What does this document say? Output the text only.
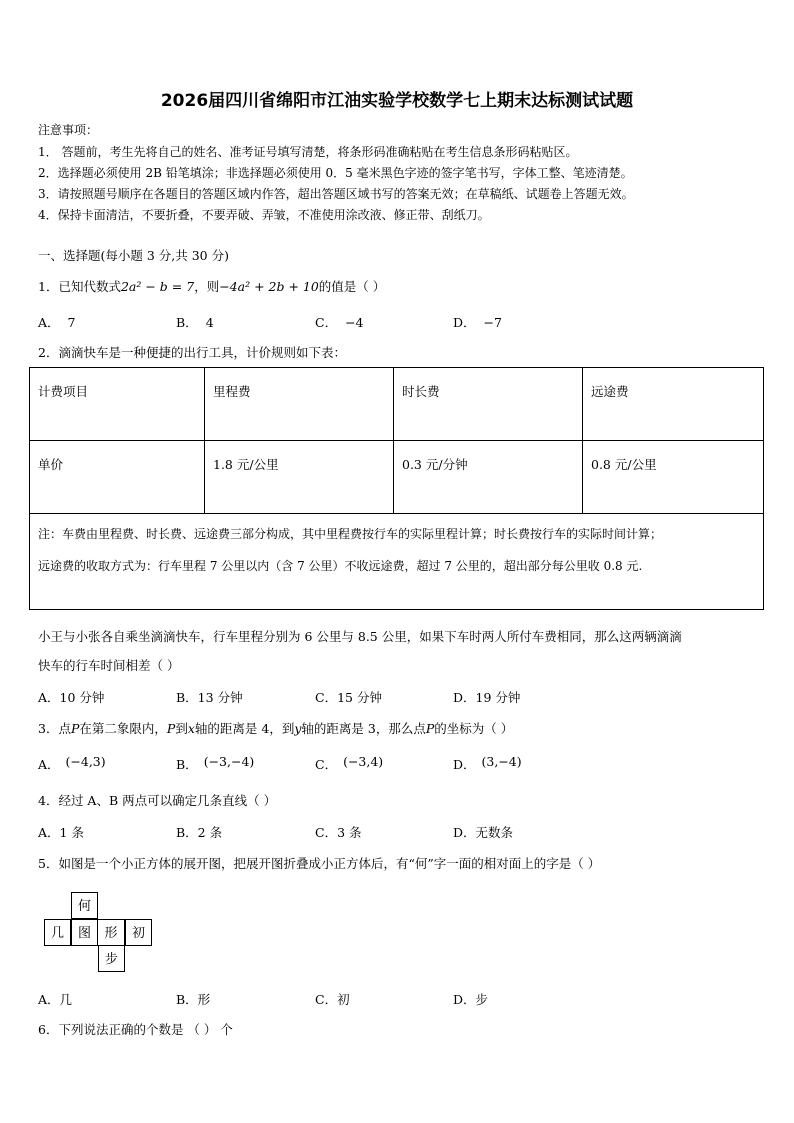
2026届四川省绵阳市江油实验学校数学七上期末达标测试试题
注意事项：
1． 答题前，考生先将自己的姓名、准考证号填写清楚，将条形码准确粘贴在考生信息条形码粘贴区。
2．选择题必须使用 2B 铅笔填涂；非选择题必须使用 0．5 毫米黑色字迹的签字笔书写，字体工整、笔迹清楚。
3．请按照题号顺序在各题目的答题区域内作答，超出答题区域书写的答案无效；在草稿纸、试题卷上答题无效。
4．保持卡面清洁，不要折叠，不要弄破、弄皱，不准使用涂改液、修正带、刮纸刀。
一、选择题(每小题 3 分,共 30 分)
1．已知代数式2a² − b = 7，则−4a² + 2b + 10的值是（ ）
A． 7	B． 4	C． −4	D． −7
2．滴滴快车是一种便捷的出行工具，计价规则如下表：
计费项目	里程费	时长费	远途费
单价	1.8 元/公里	0.3 元/分钟	0.8 元/公里

注：车费由里程费、时长费、远途费三部分构成，其中里程费按行车的实际里程计算；时长费按行车的实际时间计算；
远途费的收取方式为：行车里程 7 公里以内（含 7 公里）不收远途费，超过 7 公里的，超出部分每公里收 0.8 元.			
小王与小张各自乘坐滴滴快车，行车里程分别为 6 公里与 8.5 公里，如果下车时两人所付车费相同，那么这两辆滴滴
快车的行车时间相差（ ）
A．10 分钟	B．13 分钟	C．15 分钟	D．19 分钟
3．点P在第二象限内，P到x轴的距离是 4，到y轴的距离是 3，那么点P的坐标为（ ）
A． (−4,3)	B． (−3,−4)	C． (−3,4)	D． (3,−4)
4．经过 A、B 两点可以确定几条直线（ ）
A．1 条	B．2 条	C．3 条	D．无数条
5．如图是一个小正方体的展开图，把展开图折叠成小正方体后，有“何”字一面的相对面上的字是（ ）
何
几	图	形	初
步
A．几	B．形	C．初	D．步
6．下列说法正确的个数是 （ ） 个
